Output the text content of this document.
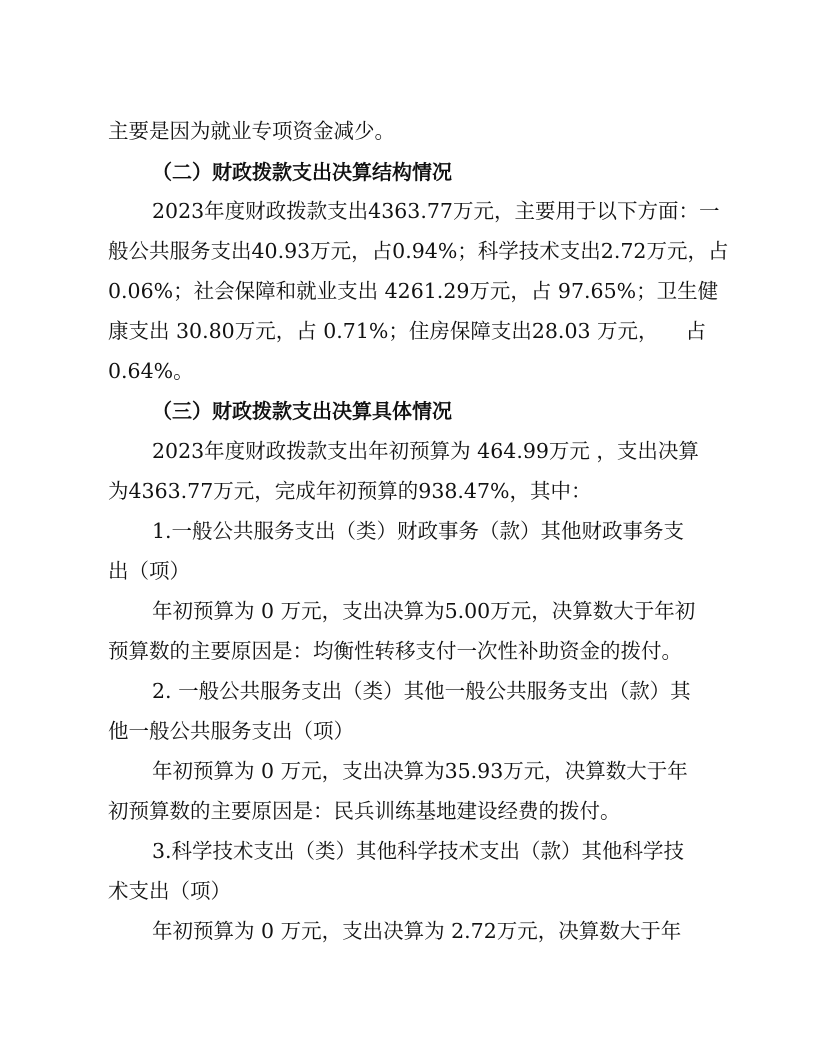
主要是因为就业专项资金减少。
（二）财政拨款支出决算结构情况
2023年度财政拨款支出4363.77万元，主要用于以下方面：一
般公共服务支出40.93万元，占0.94%；科学技术支出2.72万元，占
0.06%；社会保障和就业支出 4261.29万元，占 97.65%；卫生健
康支出 30.80万元，占 0.71%；住房保障支出28.03 万元， 占
0.64%。
（三）财政拨款支出决算具体情况
2023年度财政拨款支出年初预算为 464.99万元 ，支出决算
为4363.77万元，完成年初预算的938.47%，其中：
1.一般公共服务支出（类）财政事务（款）其他财政事务支
出（项）
年初预算为 0 万元，支出决算为5.00万元，决算数大于年初
预算数的主要原因是：均衡性转移支付一次性补助资金的拨付。
2. 一般公共服务支出（类）其他一般公共服务支出（款）其
他一般公共服务支出（项）
年初预算为 0 万元，支出决算为35.93万元，决算数大于年
初预算数的主要原因是：民兵训练基地建设经费的拨付。
3.科学技术支出（类）其他科学技术支出（款）其他科学技
术支出（项）
年初预算为 0 万元，支出决算为 2.72万元，决算数大于年
